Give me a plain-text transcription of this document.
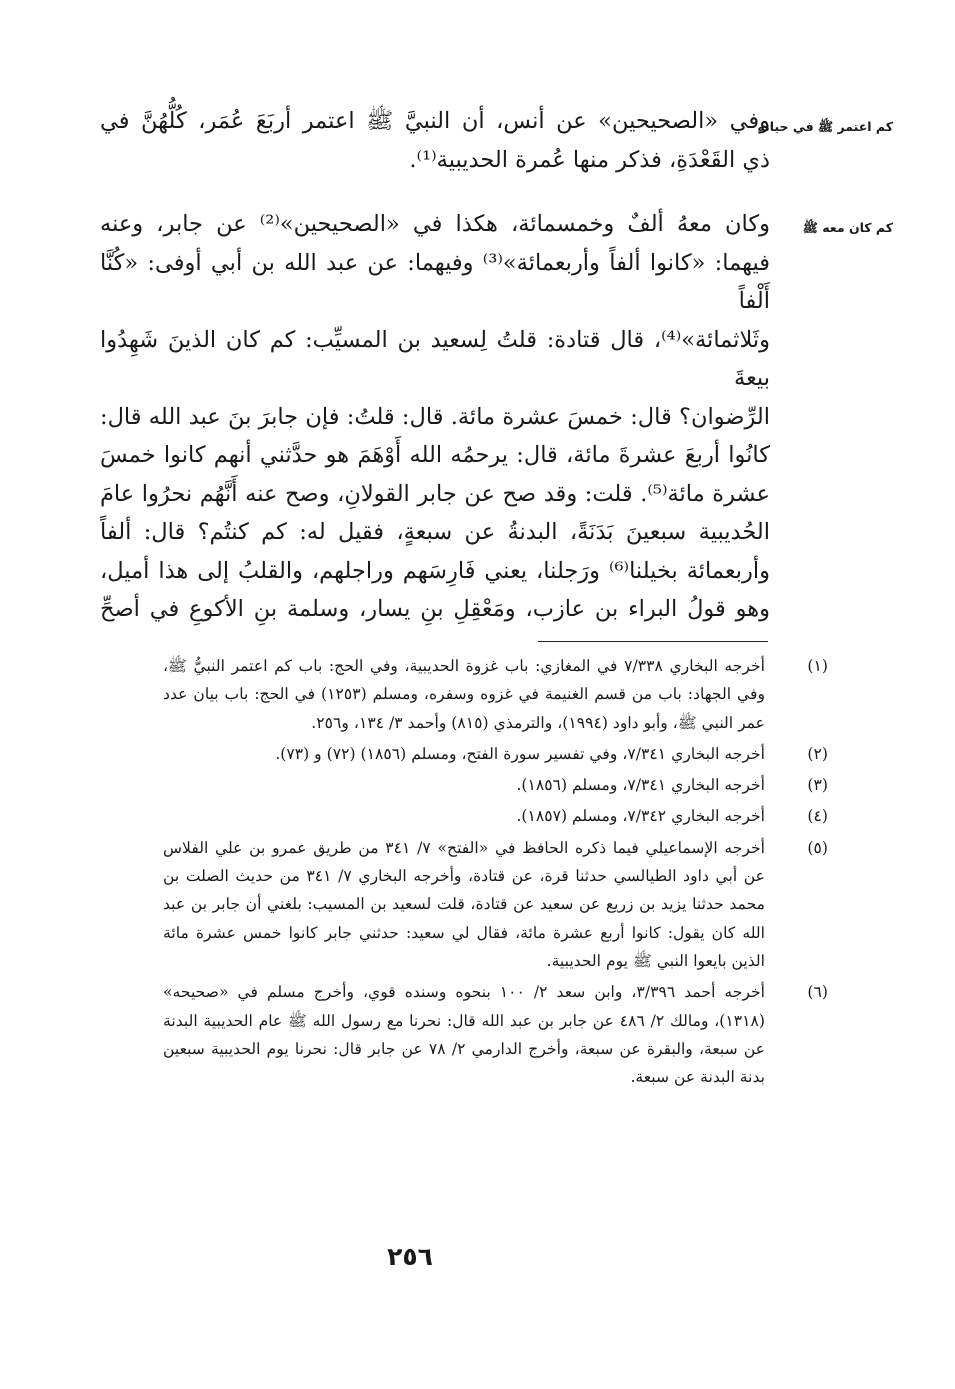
كم اعتمر ﷺ في حياته
كم كان معه ﷺ
وفي «الصحيحين» عن أنس، أن النبيَّ ﷺ اعتمر أربَعَ عُمَر، كُلُّهُنَّ في
ذي القَعْدَةِ، فذكر منها عُمرة الحديبية⁽¹⁾.
وكان معهُ ألفٌ وخمسمائة، هكذا في «الصحيحين»⁽²⁾ عن جابر، وعنه
فيهما: «كانوا ألفاً وأربعمائة»⁽³⁾ وفيهما: عن عبد الله بن أبي أوفى: «كُنَّا أَلْفاً
وثَلاثمائة»⁽⁴⁾، قال قتادة: قلتُ لِسعيد بن المسيِّب: كم كان الذينَ شَهِدُوا بيعةَ
الرِّضوان؟ قال: خمسَ عشرة مائة. قال: قلتُ: فإن جابرَ بنَ عبد الله قال:
كانُوا أربعَ عشرةَ مائة، قال: يرحمُه الله أَوْهَمَ هو حدَّثني أنهم كانوا خمسَ
عشرة مائة⁽⁵⁾. قلت: وقد صح عن جابر القولانِ، وصح عنه أَنَّهُم نحرُوا عامَ
الحُديبية سبعينَ بَدَنَةً، البدنةُ عن سبعةٍ، فقيل له: كم كنتُم؟ قال: ألفاً
وأربعمائة بخيلنا⁽⁶⁾ ورَجلنا، يعني فَارِسَهم وراجلهم، والقلبُ إلى هذا أميل،
وهو قولُ البراء بن عازب، ومَعْقِلِ بنِ يسار، وسلمة بنِ الأكوعِ في أصحِّ
(١)
أخرجه البخاري ٧/٣٣٨ في المغازي: باب غزوة الحديبية، وفي الحج: باب كم اعتمر النبيُّ ﷺ، وفي الجهاد: باب من قسم الغنيمة في غزوه وسفره، ومسلم (١٢٥٣) في الحج: باب بيان عدد عمر النبي ﷺ، وأبو داود (١٩٩٤)، والترمذي (٨١٥) وأحمد ٣/ ١٣٤، و٢٥٦.
(٢)
أخرجه البخاري ٧/٣٤١، وفي تفسير سورة الفتح، ومسلم (١٨٥٦) (٧٢) و (٧٣).
(٣)
أخرجه البخاري ٧/٣٤١، ومسلم (١٨٥٦).
(٤)
أخرجه البخاري ٧/٣٤٢، ومسلم (١٨٥٧).
(٥)
أخرجه الإسماعيلي فيما ذكره الحافظ في «الفتح» ٧/ ٣٤١ من طريق عمرو بن علي الفلاس عن أبي داود الطيالسي حدثنا قرة، عن قتادة، وأخرجه البخاري ٧/ ٣٤١ من حديث الصلت بن محمد حدثنا يزيد بن زريع عن سعيد عن قتادة، قلت لسعيد بن المسيب: بلغني أن جابر بن عبد الله كان يقول: كانوا أربع عشرة مائة، فقال لي سعيد: حدثني جابر كانوا خمس عشرة مائة الذين بايعوا النبي ﷺ يوم الحديبية.
(٦)
أخرجه أحمد ٣/٣٩٦، وابن سعد ٢/ ١٠٠ بنحوه وسنده قوي، وأخرج مسلم في «صحيحه» (١٣١٨)، ومالك ٢/ ٤٨٦ عن جابر بن عبد الله قال: نحرنا مع رسول الله ﷺ عام الحديبية البدنة عن سبعة، والبقرة عن سبعة، وأخرج الدارمي ٢/ ٧٨ عن جابر قال: نحرنا يوم الحديبية سبعين بدنة البدنة عن سبعة.
٢٥٦
